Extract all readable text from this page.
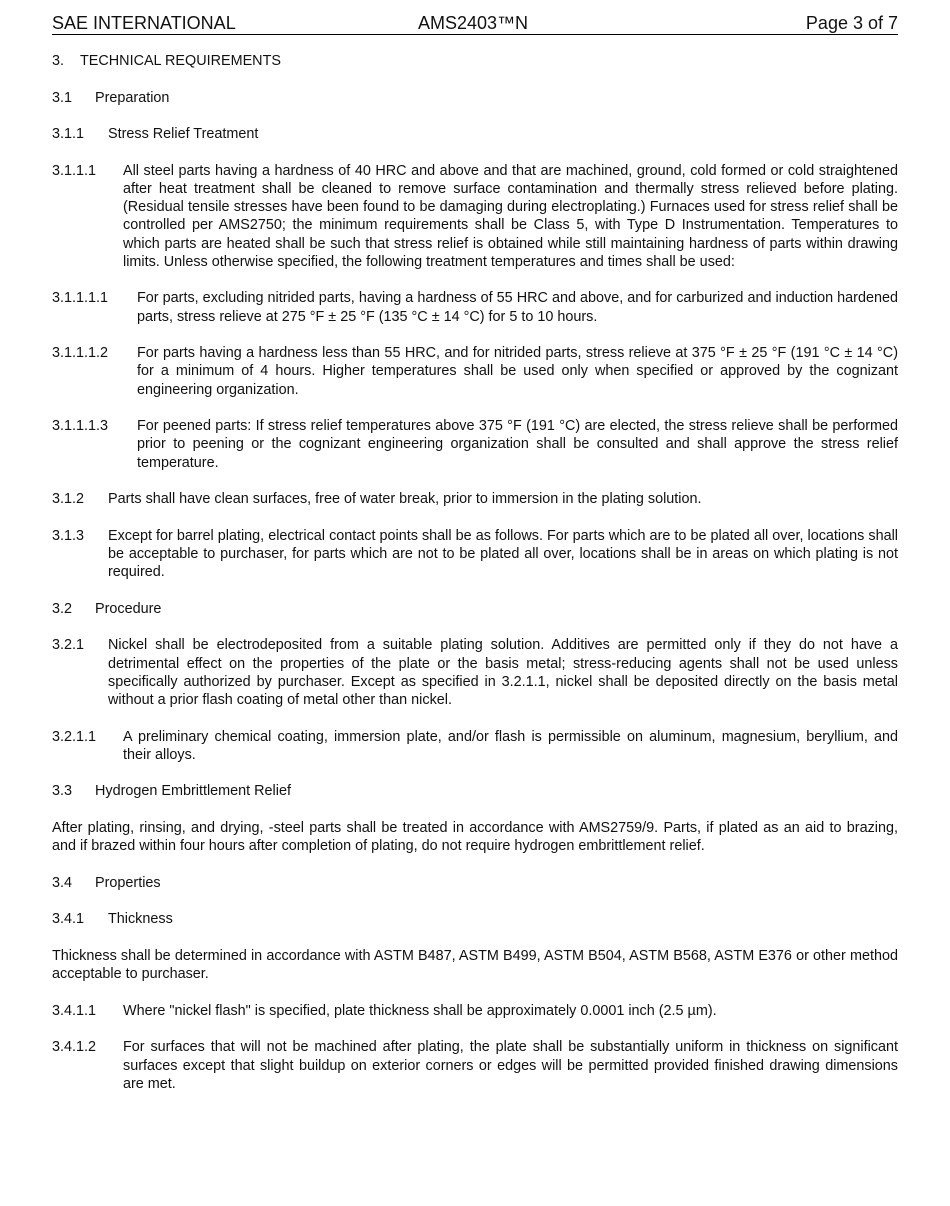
SAE INTERNATIONAL	AMS2403™N	Page 3 of 7
3.	TECHNICAL REQUIREMENTS
3.1	Preparation
3.1.1	Stress Relief Treatment
3.1.1.1	All steel parts having a hardness of 40 HRC and above and that are machined, ground, cold formed or cold straightened after heat treatment shall be cleaned to remove surface contamination and thermally stress relieved before plating. (Residual tensile stresses have been found to be damaging during electroplating.) Furnaces used for stress relief shall be controlled per AMS2750; the minimum requirements shall be Class 5, with Type D Instrumentation. Temperatures to which parts are heated shall be such that stress relief is obtained while still maintaining hardness of parts within drawing limits. Unless otherwise specified, the following treatment temperatures and times shall be used:
3.1.1.1.1	For parts, excluding nitrided parts, having a hardness of 55 HRC and above, and for carburized and induction hardened parts, stress relieve at 275 °F ± 25 °F (135 °C ± 14 °C) for 5 to 10 hours.
3.1.1.1.2	For parts having a hardness less than 55 HRC, and for nitrided parts, stress relieve at 375 °F ± 25 °F (191 °C ± 14 °C) for a minimum of 4 hours. Higher temperatures shall be used only when specified or approved by the cognizant engineering organization.
3.1.1.1.3	For peened parts: If stress relief temperatures above 375 °F (191 °C) are elected, the stress relieve shall be performed prior to peening or the cognizant engineering organization shall be consulted and shall approve the stress relief temperature.
3.1.2	Parts shall have clean surfaces, free of water break, prior to immersion in the plating solution.
3.1.3	Except for barrel plating, electrical contact points shall be as follows. For parts which are to be plated all over, locations shall be acceptable to purchaser, for parts which are not to be plated all over, locations shall be in areas on which plating is not required.
3.2	Procedure
3.2.1	Nickel shall be electrodeposited from a suitable plating solution. Additives are permitted only if they do not have a detrimental effect on the properties of the plate or the basis metal; stress-reducing agents shall not be used unless specifically authorized by purchaser. Except as specified in 3.2.1.1, nickel shall be deposited directly on the basis metal without a prior flash coating of metal other than nickel.
3.2.1.1	A preliminary chemical coating, immersion plate, and/or flash is permissible on aluminum, magnesium, beryllium, and their alloys.
3.3	Hydrogen Embrittlement Relief
After plating, rinsing, and drying, -steel parts shall be treated in accordance with AMS2759/9. Parts, if plated as an aid to brazing, and if brazed within four hours after completion of plating, do not require hydrogen embrittlement relief.
3.4	Properties
3.4.1	Thickness
Thickness shall be determined in accordance with ASTM B487, ASTM B499, ASTM B504, ASTM B568, ASTM E376 or other method acceptable to purchaser.
3.4.1.1	Where "nickel flash" is specified, plate thickness shall be approximately 0.0001 inch (2.5 µm).
3.4.1.2	For surfaces that will not be machined after plating, the plate shall be substantially uniform in thickness on significant surfaces except that slight buildup on exterior corners or edges will be permitted provided finished drawing dimensions are met.
